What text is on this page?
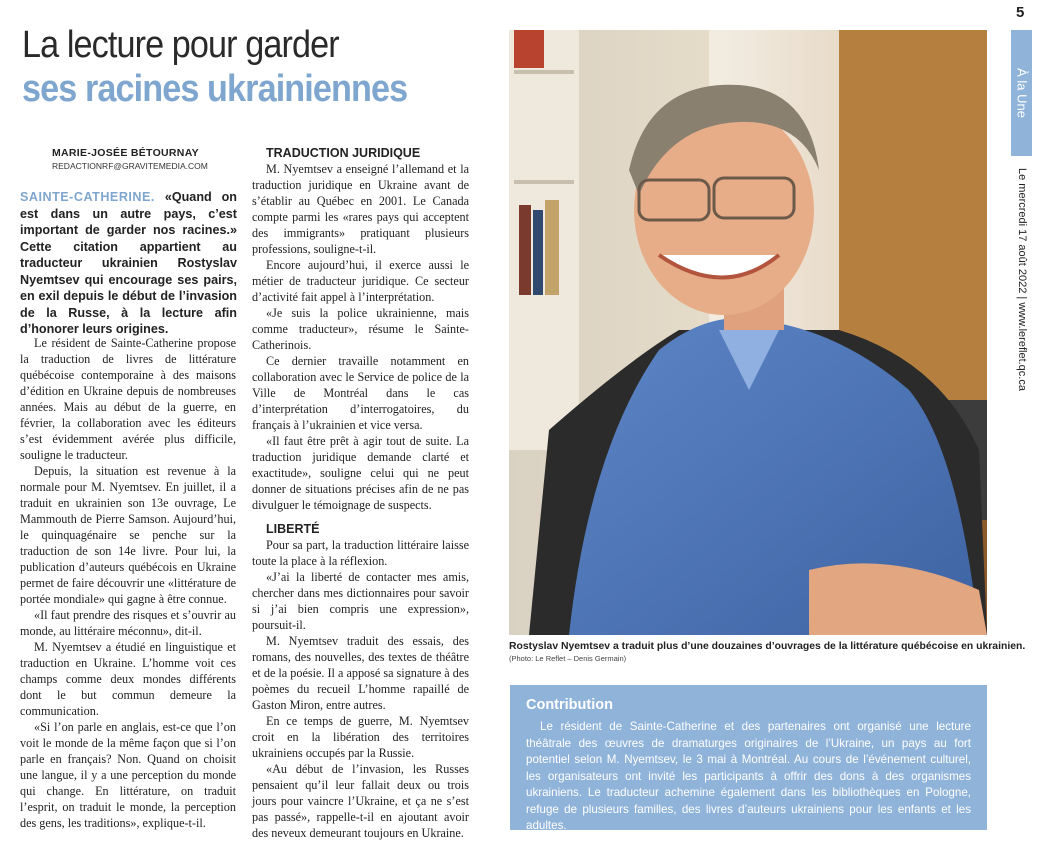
5
À la Une
Le mercredi 17 août 2022 | www.lereflet.qc.ca
La lecture pour garder
ses racines ukrainiennes
MARIE-JOSÉE BÉTOURNAY
REDACTIONRF@GRAVITEMEDIA.COM
SAINTE-CATHERINE. «Quand on est dans un autre pays, c’est important de garder nos racines.» Cette citation appartient au traducteur ukrainien Rostyslav Nyemtsev qui encourage ses pairs, en exil depuis le début de l’invasion de la Russe, à la lecture afin d’honorer leurs origines.

Le résident de Sainte-Catherine propose la traduction de livres de littérature québécoise contemporaine à des maisons d’édition en Ukraine depuis de nombreuses années. Mais au début de la guerre, en février, la collaboration avec les éditeurs s’est évidemment avérée plus difficile, souligne le traducteur.

Depuis, la situation est revenue à la normale pour M. Nyemtsev. En juillet, il a traduit en ukrainien son 13e ouvrage, Le Mammouth de Pierre Samson. Aujourd’hui, le quinquagénaire se penche sur la traduction de son 14e livre. Pour lui, la publication d’auteurs québécois en Ukraine permet de faire découvrir une «littérature de portée mondiale» qui gagne à être connue.

«Il faut prendre des risques et s’ouvrir au monde, au littéraire méconnu», dit-il.

M. Nyemtsev a étudié en linguistique et traduction en Ukraine. L’homme voit ces champs comme deux mondes différents dont le but commun demeure la communication.

«Si l’on parle en anglais, est-ce que l’on voit le monde de la même façon que si l’on parle en français? Non. Quand on choisit une langue, il y a une perception du monde qui change. En littérature, on traduit l’esprit, on traduit le monde, la perception des gens, les traditions», explique-t-il.

TRADUCTION JURIDIQUE

M. Nyemtsev a enseigné l’allemand et la traduction juridique en Ukraine avant de s’établir au Québec en 2001. Le Canada compte parmi les «rares pays qui acceptent des immigrants» pratiquant plusieurs professions, souligne-t-il.

Encore aujourd’hui, il exerce aussi le métier de traducteur juridique. Ce secteur d’activité fait appel à l’interprétation.

«Je suis la police ukrainienne, mais comme traducteur», résume le Sainte-Catherinois.

Ce dernier travaille notamment en collaboration avec le Service de police de la Ville de Montréal dans le cas d’interprétation d’interrogatoires, du français à l’ukrainien et vice versa.

«Il faut être prêt à agir tout de suite. La traduction juridique demande clarté et exactitude», souligne celui qui ne peut donner de situations précises afin de ne pas divulguer le témoignage de suspects.

LIBERTÉ

Pour sa part, la traduction littéraire laisse toute la place à la réflexion.

«J’ai la liberté de contacter mes amis, chercher dans mes dictionnaires pour savoir si j’ai bien compris une expression», poursuit-il.

M. Nyemtsev traduit des essais, des romans, des nouvelles, des textes de théâtre et de la poésie. Il a apposé sa signature à des poèmes du recueil L’homme rapaillé de Gaston Miron, entre autres.

En ce temps de guerre, M. Nyemtsev croit en la libération des territoires ukrainiens occupés par la Russie.

«Au début de l’invasion, les Russes pensaient qu’il leur fallait deux ou trois jours pour vaincre l’Ukraine, et ça ne s’est pas passé», rappelle-t-il en ajoutant avoir des neveux demeurant toujours en Ukraine.

Rostyslav Nyemtsev a traduit plus d’une douzaines d’ouvrages de la littérature québécoise en ukrainien.
(Photo: Le Reflet – Denis Germain)
Contribution
Le résident de Sainte-Catherine et des partenaires ont organisé une lecture théâtrale des œuvres de dramaturges originaires de l’Ukraine, un pays au fort potentiel selon M. Nyemtsev, le 3 mai à Montréal. Au cours de l’événement culturel, les organisateurs ont invité les participants à offrir des dons à des organismes ukrainiens. Le traducteur achemine également dans les bibliothèques en Pologne, refuge de plusieurs familles, des livres d’auteurs ukrainiens pour les enfants et les adultes.
